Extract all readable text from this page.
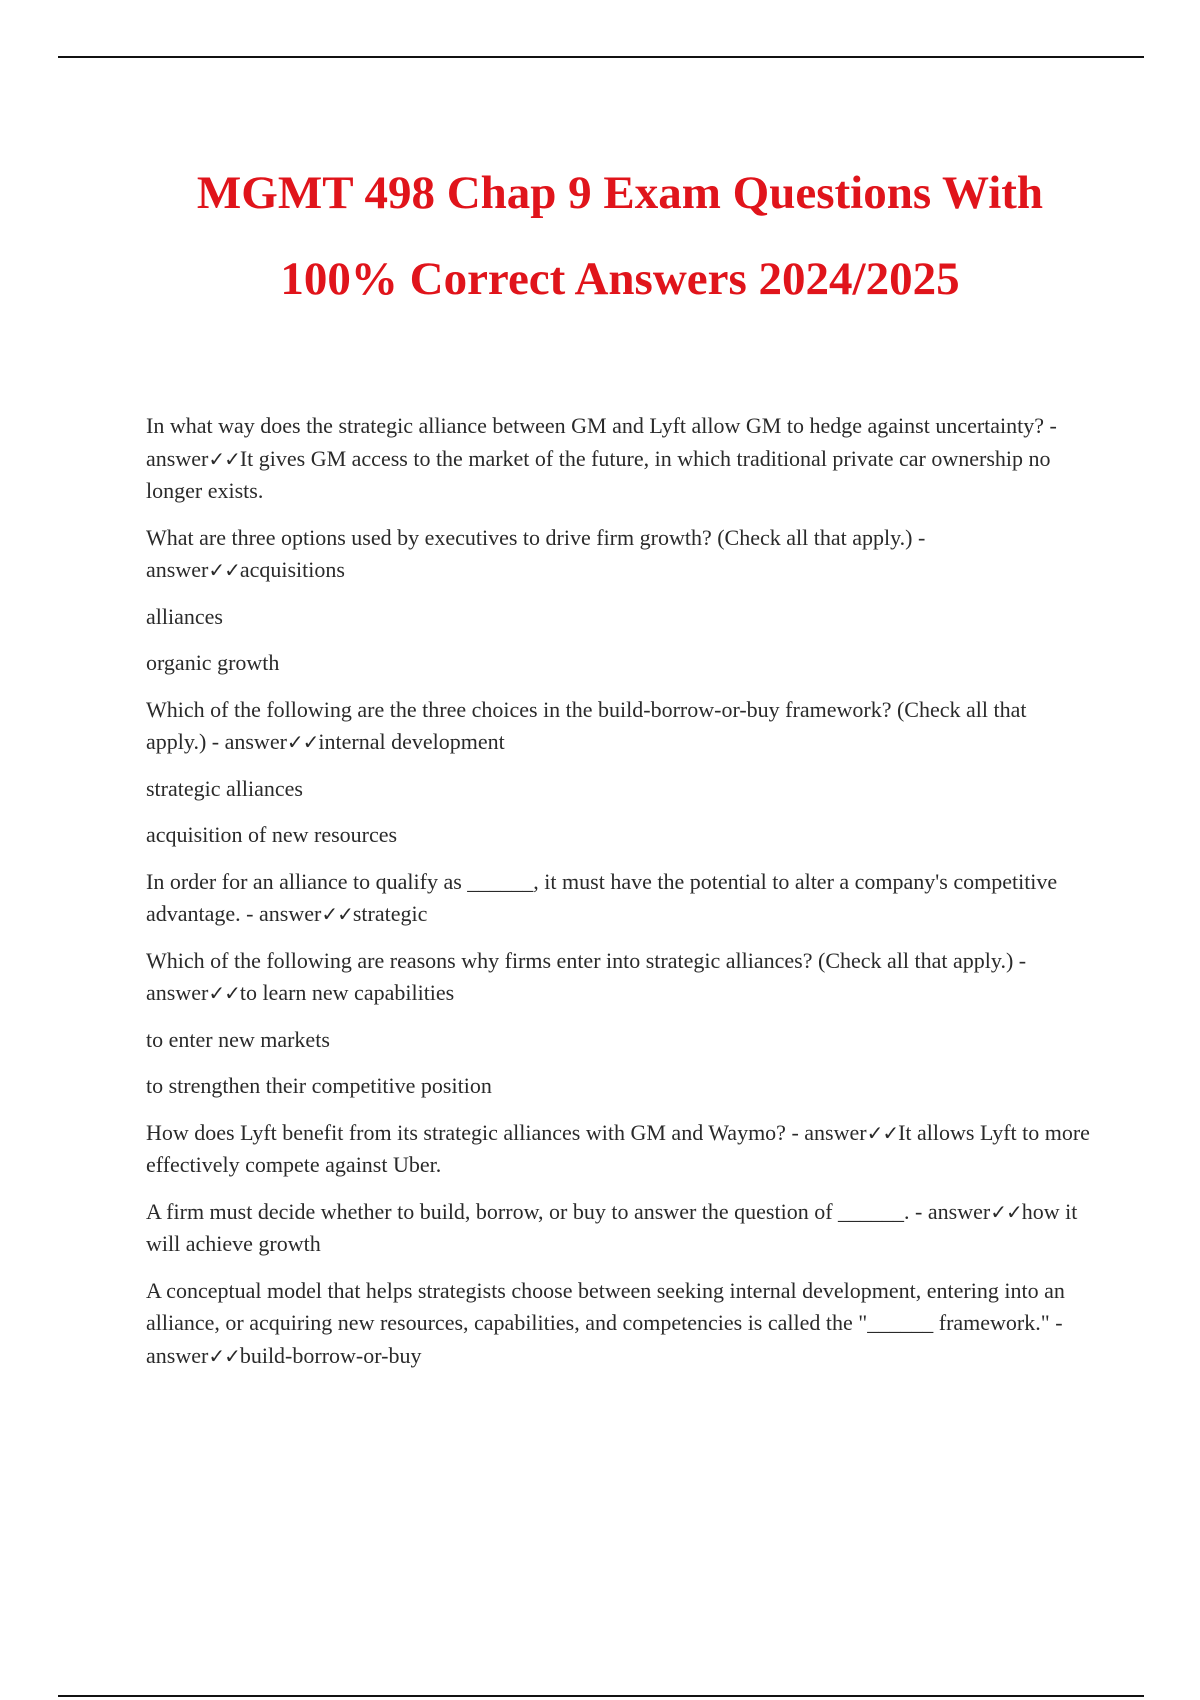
MGMT 498 Chap 9 Exam Questions With
100% Correct Answers 2024/2025

In what way does the strategic alliance between GM and Lyft allow GM to hedge against uncertainty? - answer✓✓It gives GM access to the market of the future, in which traditional private car ownership no longer exists.

What are three options used by executives to drive firm growth? (Check all that apply.) - answer✓✓acquisitions

alliances

organic growth

Which of the following are the three choices in the build-borrow-or-buy framework? (Check all that apply.) - answer✓✓internal development

strategic alliances

acquisition of new resources

In order for an alliance to qualify as ______, it must have the potential to alter a company's competitive advantage. - answer✓✓strategic

Which of the following are reasons why firms enter into strategic alliances? (Check all that apply.) - answer✓✓to learn new capabilities

to enter new markets

to strengthen their competitive position

How does Lyft benefit from its strategic alliances with GM and Waymo? - answer✓✓It allows Lyft to more effectively compete against Uber.

A firm must decide whether to build, borrow, or buy to answer the question of ______. - answer✓✓how it will achieve growth

A conceptual model that helps strategists choose between seeking internal development, entering into an alliance, or acquiring new resources, capabilities, and competencies is called the "______ framework." - answer✓✓build-borrow-or-buy
